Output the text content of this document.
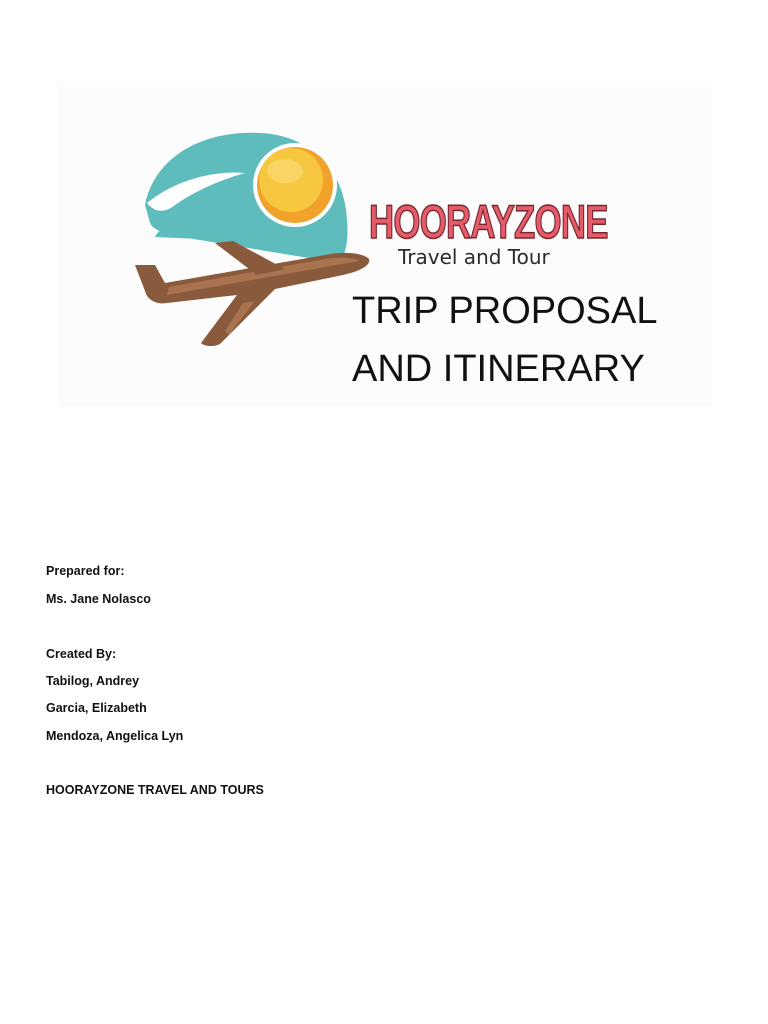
HOORAYZONE
Travel and Tour
TRIP PROPOSAL
AND ITINERARY
Prepared for:
Ms. Jane Nolasco
Created By:
Tabilog, Andrey
Garcia, Elizabeth
Mendoza, Angelica Lyn
HOORAYZONE TRAVEL AND TOURS
